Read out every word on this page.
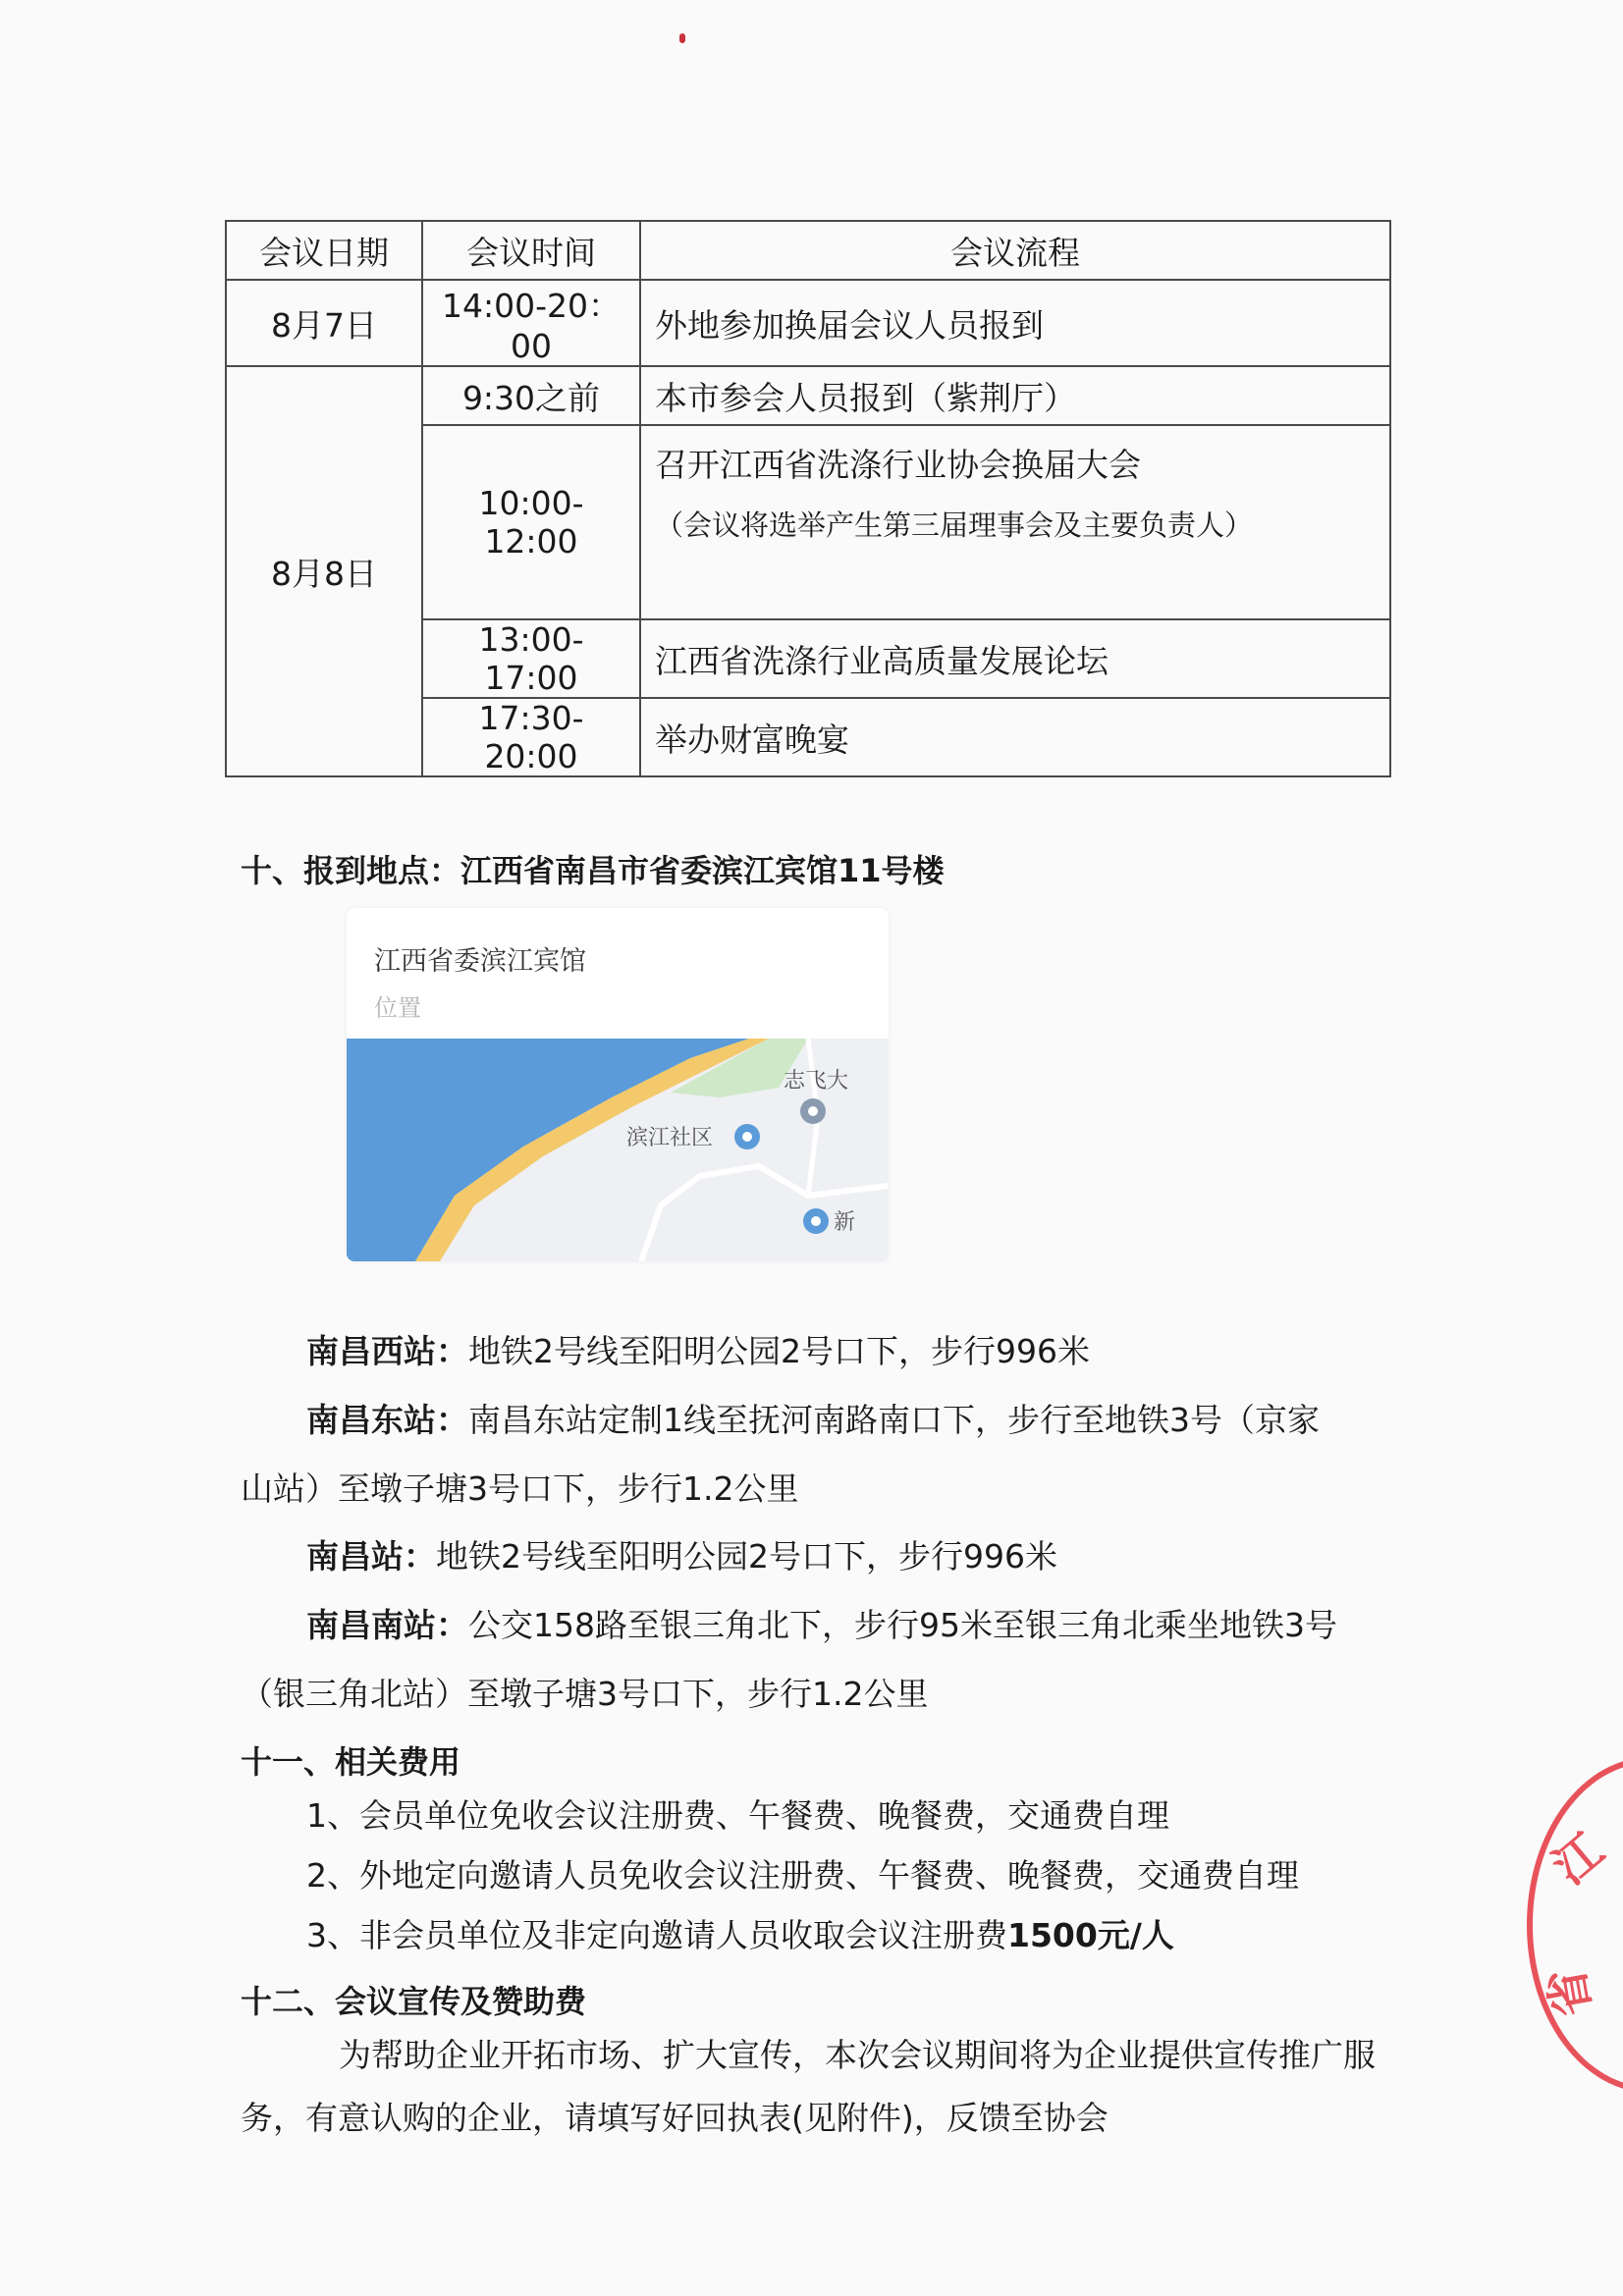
会议日期	会议时间	会议流程
8月7日	14:00-20：00	外地参加换届会议人员报到
8月8日	9:30之前	本市参会人员报到（紫荆厅）
	10:00-12:00	召开江西省洗涤行业协会换届大会
（会议将选举产生第三届理事会及主要负责人）

	13:00-17:00	江西省洗涤行业高质量发展论坛
	17:30-20:00	举办财富晚宴
十、报到地点：江西省南昌市省委滨江宾馆11号楼
江西省委滨江宾馆
位置
志飞大
滨江社区
新
南昌西站：地铁2号线至阳明公园2号口下，步行996米
南昌东站：南昌东站定制1线至抚河南路南口下，步行至地铁3号（京家
山站）至墩子塘3号口下，步行1.2公里
南昌站：地铁2号线至阳明公园2号口下，步行996米
南昌南站：公交158路至银三角北下，步行95米至银三角北乘坐地铁3号
（银三角北站）至墩子塘3号口下，步行1.2公里
十一、相关费用
1、会员单位免收会议注册费、午餐费、晚餐费，交通费自理
2、外地定向邀请人员免收会议注册费、午餐费、晚餐费，交通费自理
3、非会员单位及非定向邀请人员收取会议注册费1500元/人
十二、会议宣传及赞助费
为帮助企业开拓市场、扩大宣传，本次会议期间将为企业提供宣传推广服
务，有意认购的企业，请填写好回执表(见附件)，反馈至协会
江
省
